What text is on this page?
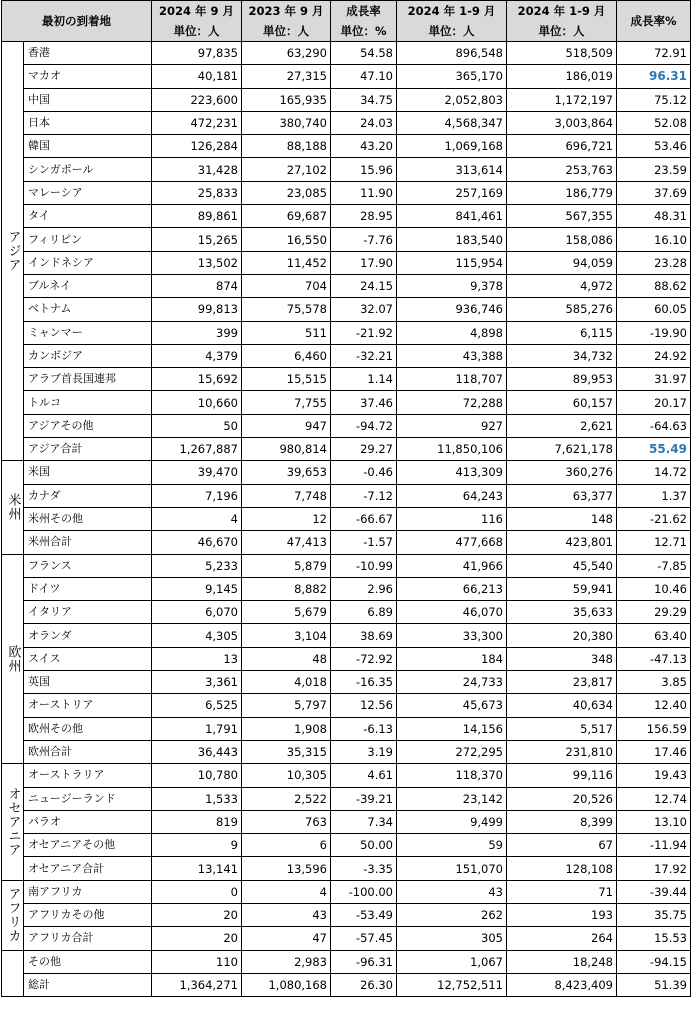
最初の到着地		2024 年 9 月	2023 年 9 月	成長率	2024 年 1-9 月	2024 年 1-9 月	成長率%
		単位：人	単位：人	単位：%	単位：人	単位：人	
アジア	香港	97,835	63,290	54.58	896,548	518,509	72.91
	マカオ	40,181	27,315	47.10	365,170	186,019	96.31
	中国	223,600	165,935	34.75	2,052,803	1,172,197	75.12
	日本	472,231	380,740	24.03	4,568,347	3,003,864	52.08
	韓国	126,284	88,188	43.20	1,069,168	696,721	53.46
	シンガポール	31,428	27,102	15.96	313,614	253,763	23.59
	マレーシア	25,833	23,085	11.90	257,169	186,779	37.69
	タイ	89,861	69,687	28.95	841,461	567,355	48.31
	フィリピン	15,265	16,550	-7.76	183,540	158,086	16.10
	インドネシア	13,502	11,452	17.90	115,954	94,059	23.28
	ブルネイ	874	704	24.15	9,378	4,972	88.62
	ベトナム	99,813	75,578	32.07	936,746	585,276	60.05
	ミャンマー	399	511	-21.92	4,898	6,115	-19.90
	カンボジア	4,379	6,460	-32.21	43,388	34,732	24.92
	アラブ首長国連邦	15,692	15,515	1.14	118,707	89,953	31.97
	トルコ	10,660	7,755	37.46	72,288	60,157	20.17
	アジアその他	50	947	-94.72	927	2,621	-64.63
	アジア合計	1,267,887	980,814	29.27	11,850,106	7,621,178	55.49
米州	米国	39,470	39,653	-0.46	413,309	360,276	14.72
	カナダ	7,196	7,748	-7.12	64,243	63,377	1.37
	米州その他	4	12	-66.67	116	148	-21.62
	米州合計	46,670	47,413	-1.57	477,668	423,801	12.71
欧州	フランス	5,233	5,879	-10.99	41,966	45,540	-7.85
	ドイツ	9,145	8,882	2.96	66,213	59,941	10.46
	イタリア	6,070	5,679	6.89	46,070	35,633	29.29
	オランダ	4,305	3,104	38.69	33,300	20,380	63.40
	スイス	13	48	-72.92	184	348	-47.13
	英国	3,361	4,018	-16.35	24,733	23,817	3.85
	オーストリア	6,525	5,797	12.56	45,673	40,634	12.40
	欧州その他	1,791	1,908	-6.13	14,156	5,517	156.59
	欧州合計	36,443	35,315	3.19	272,295	231,810	17.46
オセアニア	オーストラリア	10,780	10,305	4.61	118,370	99,116	19.43
	ニュージーランド	1,533	2,522	-39.21	23,142	20,526	12.74
	パラオ	819	763	7.34	9,499	8,399	13.10
	オセアニアその他	9	6	50.00	59	67	-11.94
	オセアニア合計	13,141	13,596	-3.35	151,070	128,108	17.92
アフリカ	南アフリカ	0	4	-100.00	43	71	-39.44
	アフリカその他	20	43	-53.49	262	193	35.75
	アフリカ合計	20	47	-57.45	305	264	15.53
	その他	110	2,983	-96.31	1,067	18,248	-94.15
	総計	1,364,271	1,080,168	26.30	12,752,511	8,423,409	51.39
